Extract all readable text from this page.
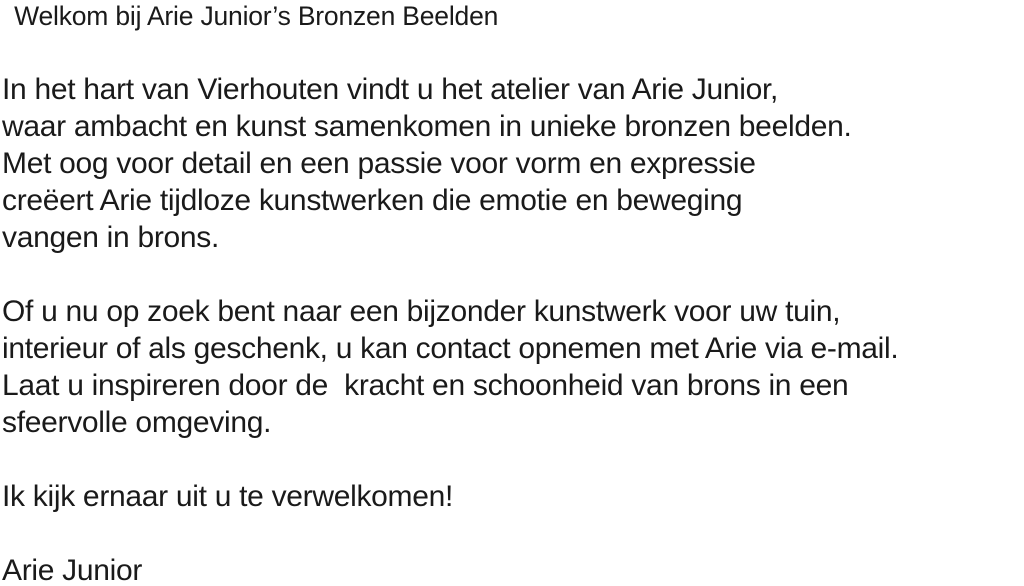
Welkom bij Arie Junior’s Bronzen Beelden
In het hart van Vierhouten vindt u het atelier van Arie Junior,
waar ambacht en kunst samenkomen in unieke bronzen beelden.
Met oog voor detail en een passie voor vorm en expressie
creëert Arie tijdloze kunstwerken die emotie en beweging
vangen in brons.
Of u nu op zoek bent naar een bijzonder kunstwerk voor uw tuin,
interieur of als geschenk, u kan contact opnemen met Arie via e-mail.
Laat u inspireren door de  kracht en schoonheid van brons in een
sfeervolle omgeving.
Ik kijk ernaar uit u te verwelkomen!
Arie Junior
